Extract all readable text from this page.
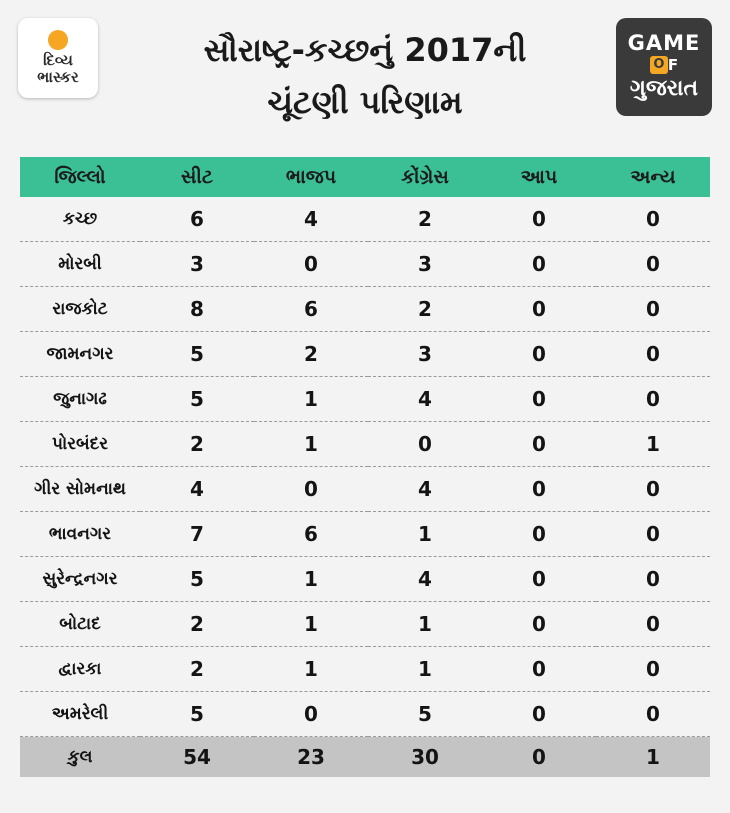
દિવ્ય
ભાસ્કર
સૌરાષ્ટ્ર-કચ્છનું 2017ની
ચૂંટણી પરિણામ
GAME
O F
ગુજરાત
જિલ્લો	સીટ	ભાજપ	કોંગ્રેસ	આપ	અન્ય
કચ્છ	6	4	2	0	0
મોરબી	3	0	3	0	0
રાજકોટ	8	6	2	0	0
જામનગર	5	2	3	0	0
જુનાગઢ	5	1	4	0	0
પોરબંદર	2	1	0	0	1
ગીર સોમનાથ	4	0	4	0	0
ભાવનગર	7	6	1	0	0
સુરેન્દ્રનગર	5	1	4	0	0
બોટાદ	2	1	1	0	0
દ્વારકા	2	1	1	0	0
અમરેલી	5	0	5	0	0
કુલ	54	23	30	0	1
